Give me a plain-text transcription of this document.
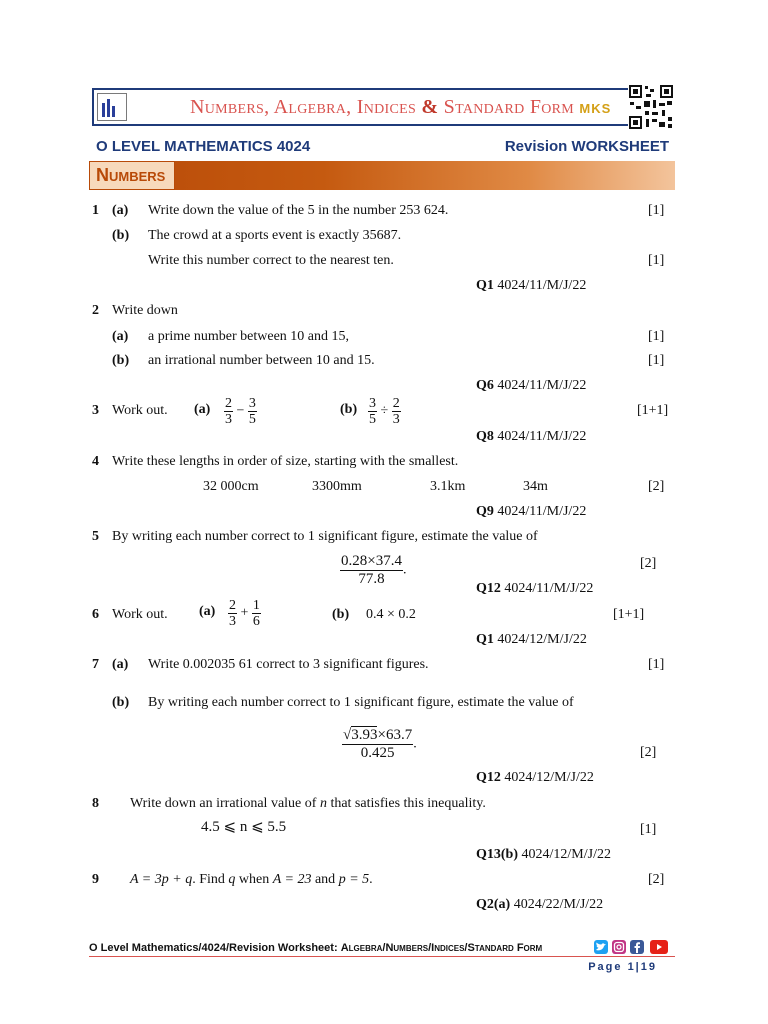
Numbers, Algebra, Indices & Standard Form MKS
O LEVEL MATHEMATICS 4024	Revision WORKSHEET
Numbers
1 (a) Write down the value of the 5 in the number 253 624.	[1]
(b) The crowd at a sports event is exactly 35687.
Write this number correct to the nearest ten.	[1]
Q1 4024/11/M/J/22
2 Write down
(a) a prime number between 10 and 15,	[1]
(b) an irrational number between 10 and 15.	[1]
Q6 4024/11/M/J/22
3 Work out. $(a) \frac{2}{3} - \frac{3}{5}$	$(b) \frac{3}{5} \div \frac{2}{3}$	[1+1]
Q8 4024/11/M/J/22
4 Write these lengths in order of size, starting with the smallest.
32 000cm	3300mm	3.1km	34m	[2]
Q9 4024/11/M/J/22
5 By writing each number correct to 1 significant figure, estimate the value of
$\frac{0.28\times 37.4}{77.8}$ .	[2]
Q12 4024/11/M/J/22
6 Work out. $(a) \frac{2}{3} + \frac{1}{6}$	(b) 0.4 × 0.2	[1+1]
Q1 4024/12/M/J/22
7 (a) Write 0.002035 61 correct to 3 significant figures.	[1]
(b) By writing each number correct to 1 significant figure, estimate the value of
$\frac{√3.93\times 63.7}{0.425}$ .
[2]
Q12 4024/12/M/J/22
8 Write down an irrational value of n that satisfies this inequality.
4.5 ⩽ n ⩽ 5.5	[1]
Q13(b) 4024/12/M/J/22
9 A = 3p + q. Find q when A = 23 and p = 5.	[2]
Q2(a) 4024/22/M/J/22
O Level Mathematics/4024/Revision Worksheet: Algebra/Numbers/Indices/Standard Form
Page 1|19
